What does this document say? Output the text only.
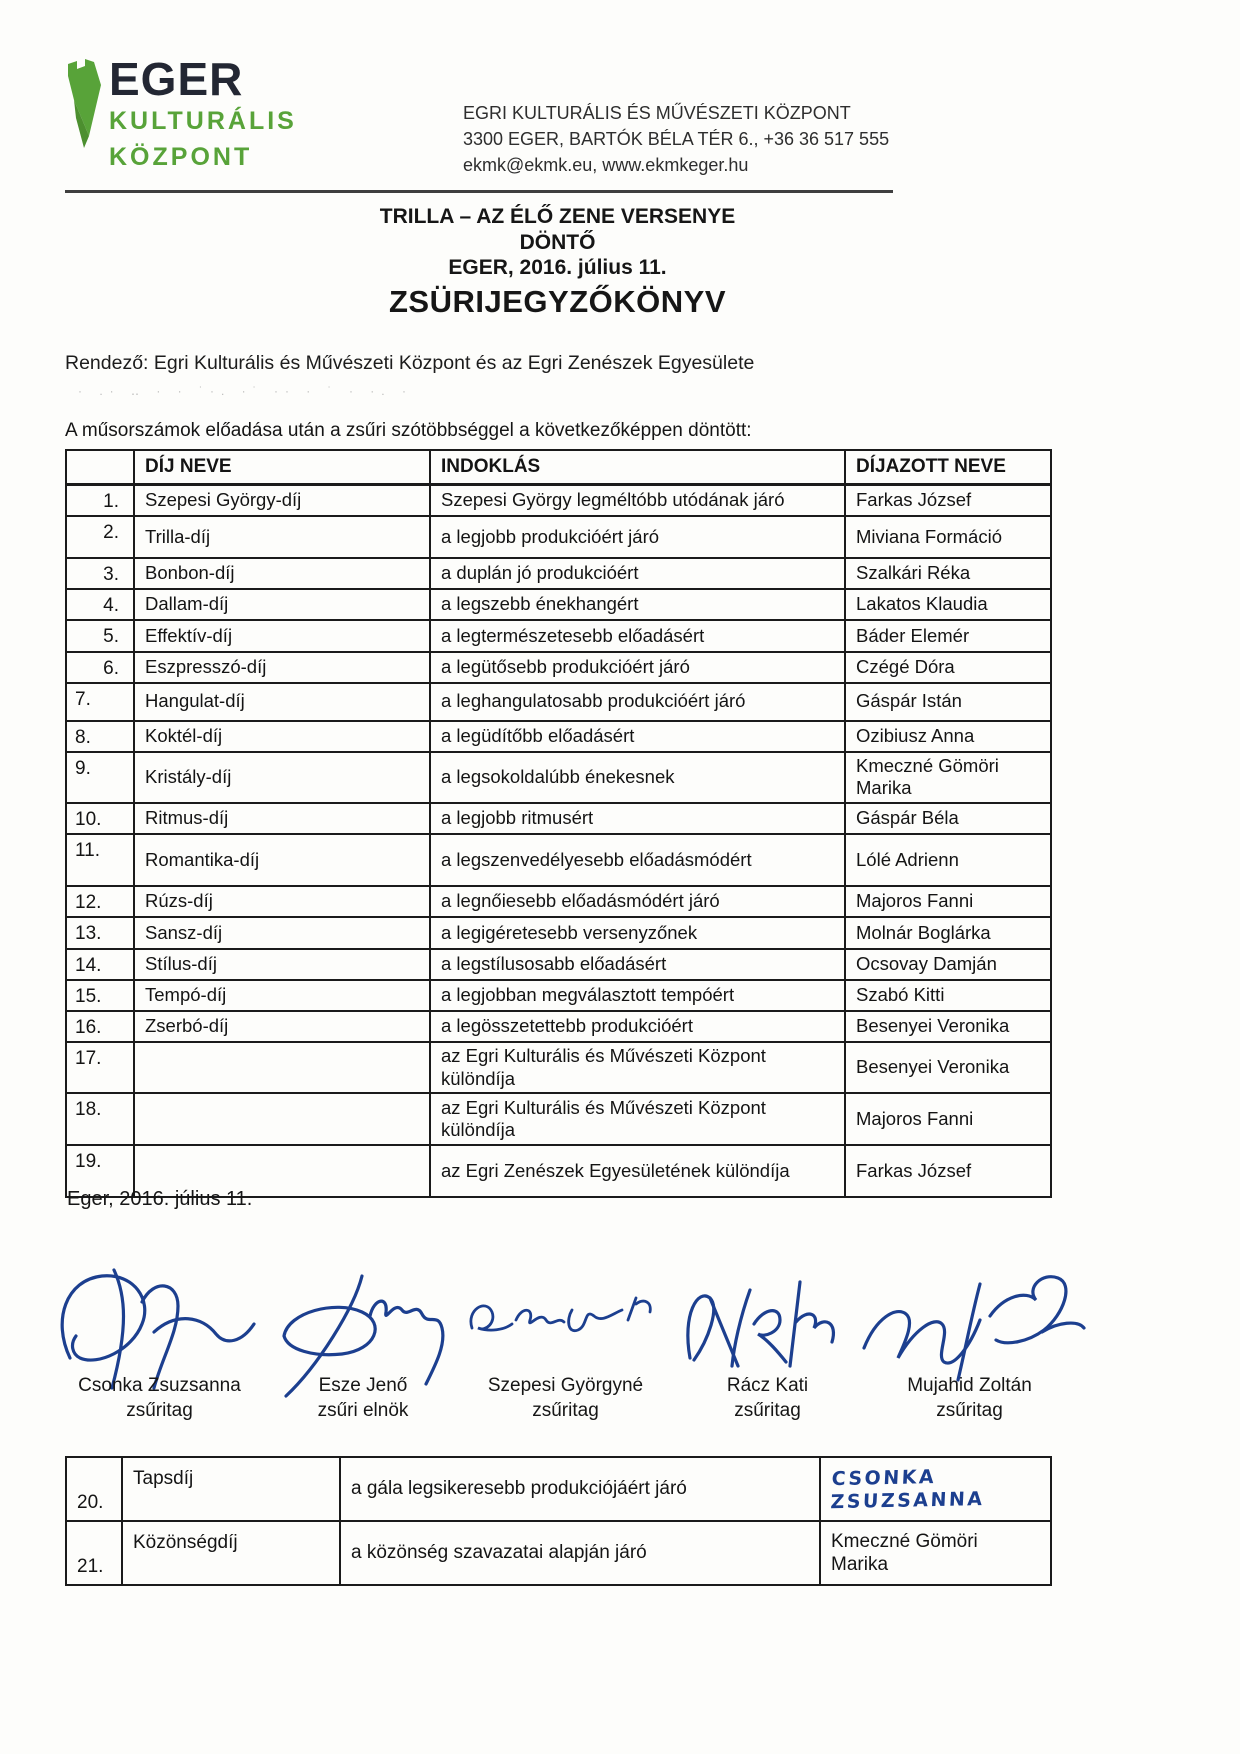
EGER
KULTURÁLIS
KÖZPONT
EGRI KULTURÁLIS ÉS MŰVÉSZETI KÖZPONT
3300 EGER, BARTÓK BÉLA TÉR 6., +36 36 517 555
ekmk@ekmk.eu, www.ekmkeger.hu
TRILLA – AZ ÉLŐ ZENE VERSENYE
DÖNTŐ
EGER, 2016. július 11.
ZSÜRIJEGYZŐKÖNYV
Rendező: Egri Kulturális és Művészeti Központ és az Egri Zenészek Egyesülete
· .· ‥ · · ˙·. ·˙ ·· · ˙ · ·. ·
A műsorszámok előadása után a zsűri szótöbbséggel a következőképpen döntött:
	DÍJ NEVE	INDOKLÁS	DÍJAZOTT NEVE
1.	Szepesi György-díj	Szepesi György legméltóbb utódának járó	Farkas József
2.	Trilla-díj	a legjobb produkcióért járó	Miviana Formáció
3.	Bonbon-díj	a duplán jó produkcióért	Szalkári Réka
4.	Dallam-díj	a legszebb énekhangért	Lakatos Klaudia
5.	Effektív-díj	a legtermészetesebb előadásért	Báder Elemér
6.	Eszpresszó-díj	a legütősebb produkcióért járó	Czégé Dóra
7.	Hangulat-díj	a leghangulatosabb produkcióért járó	Gáspár Istán
8.	Koktél-díj	a legüdítőbb előadásért	Ozibiusz Anna
9.	Kristály-díj	a legsokoldalúbb énekesnek	Kmeczné Gömöri Marika
10.	Ritmus-díj	a legjobb ritmusért	Gáspár Béla
11.	Romantika-díj	a legszenvedélyesebb előadásmódért	Lólé Adrienn
12.	Rúzs-díj	a legnőiesebb előadásmódért járó	Majoros Fanni
13.	Sansz-díj	a legigéretesebb versenyzőnek	Molnár Boglárka
14.	Stílus-díj	a legstílusosabb előadásért	Ocsovay Damján
15.	Tempó-díj	a legjobban megválasztott tempóért	Szabó Kitti
16.	Zserbó-díj	a legösszetettebb produkcióért	Besenyei Veronika
17.		az Egri Kulturális és Művészeti Központ különdíja	Besenyei Veronika
18.		az Egri Kulturális és Művészeti Központ különdíja	Majoros Fanni
19.		az Egri Zenészek Egyesületének különdíja	Farkas József
Eger, 2016. július 11.
Csonka Zsuzsanna
zsűritag
Esze Jenő
zsűri elnök
Szepesi Györgyné
zsűritag
Rácz Kati
zsűritag
Mujahid Zoltán
zsűritag
20.	Tapsdíj	a gála legsikeresebb produkciójáért járó	CSONKA ZSUZSANNA
21.	Közönségdíj	a közönség szavazatai alapján járó	Kmeczné Gömöri Marika
